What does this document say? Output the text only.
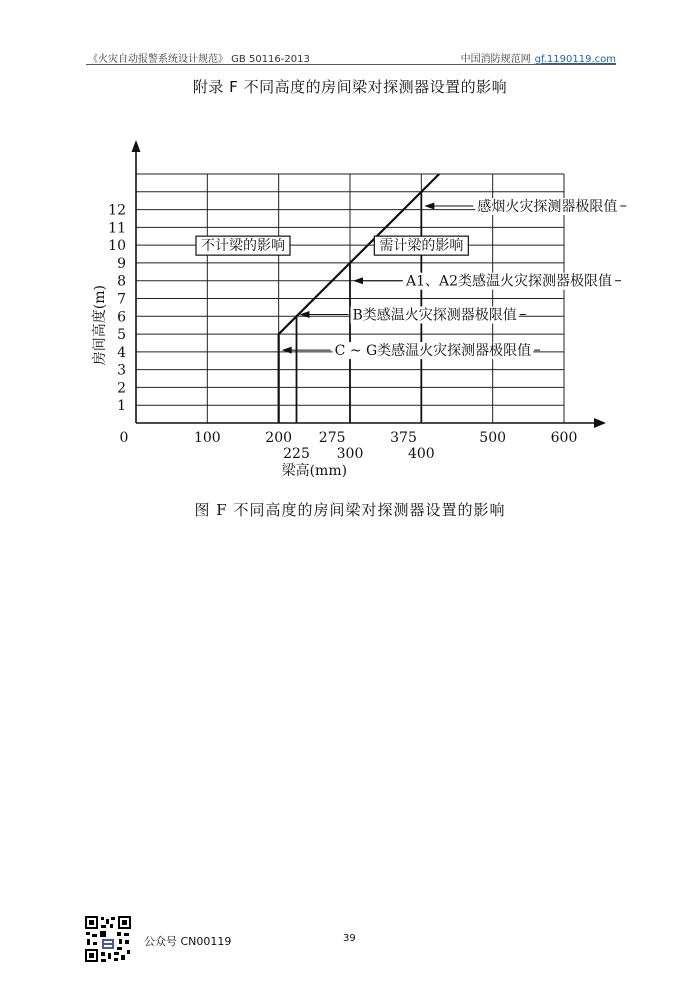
《火灾自动报警系统设计规范》 GB 50116-2013	中国消防规范网 gf.1190119.com
附录 F 不同高度的房间梁对探测器设置的影响
感烟火灾探测器极限值
A1、A2类感温火灾探测器极限值
B类感温火灾探测器极限值
C ~ G类感温火灾探测器极限值
不计梁的影响	需计梁的影响
1
2
3
4
5
6
7
8
9
10
11
12
0	100	200 275	375	500	600
225 300	400
梁高(mm)
房间高度(m)
图 F 不同高度的房间梁对探测器设置的影响
公众号 CN00119	39
